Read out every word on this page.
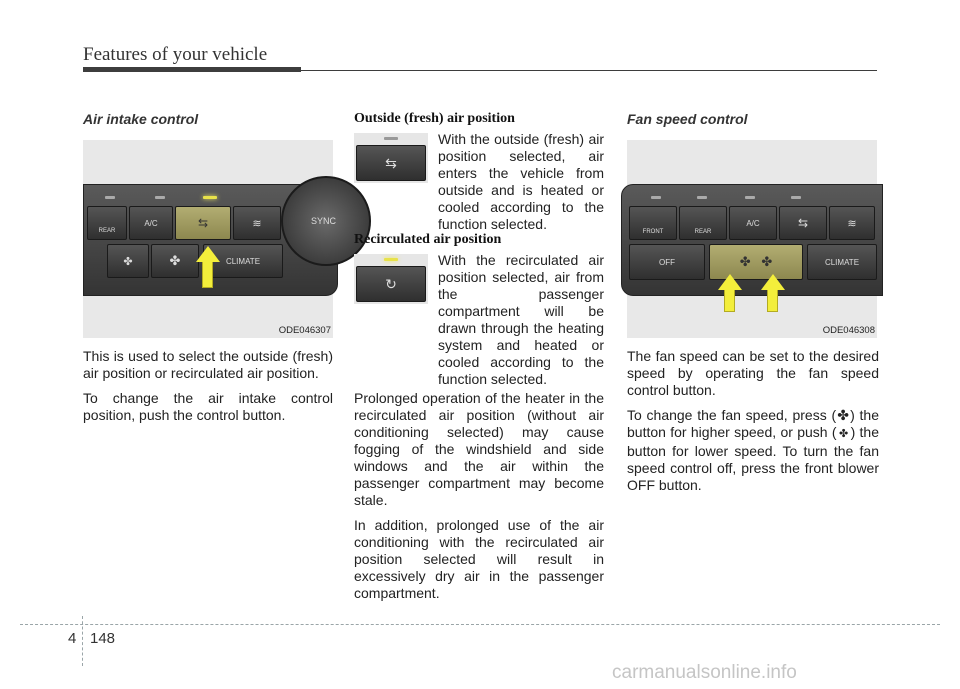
Features of your vehicle
Air intake control
REAR
A/C	⇆	≋	SYNC
✤	✤	CLIMATE
ODE046307
This is used to select the outside (fresh) air position or recirculated air position.
To change the air intake control position, push the control button.
Outside (fresh) air position
⇆
With the outside (fresh) air position selected, air enters the vehicle from outside and is heated or cooled according to the function selected.
Recirculated air position
↻
With the recirculated air position selected, air from the passenger compartment will be drawn through the heating system and heated or cooled according to the function selected.
Prolonged operation of the heater in the recirculated air position (without air conditioning selected) may cause fogging of the windshield and side windows and the air within the passenger compartment may become stale.
In addition, prolonged use of the air conditioning with the recirculated air position selected will result in excessively dry air in the passenger compartment.
Fan speed control
FRONT	REAR
A/C	⇆	≋
OFF	✤   ✤	CLIMATE
ODE046308
The fan speed can be set to the desired speed by operating the fan speed control button.
To change the fan speed, press (✤) the button for higher speed, or push ( ✤ ) the button for lower speed. To turn the fan speed control off, press the front blower OFF button.
4 148
carmanualsonline.info
